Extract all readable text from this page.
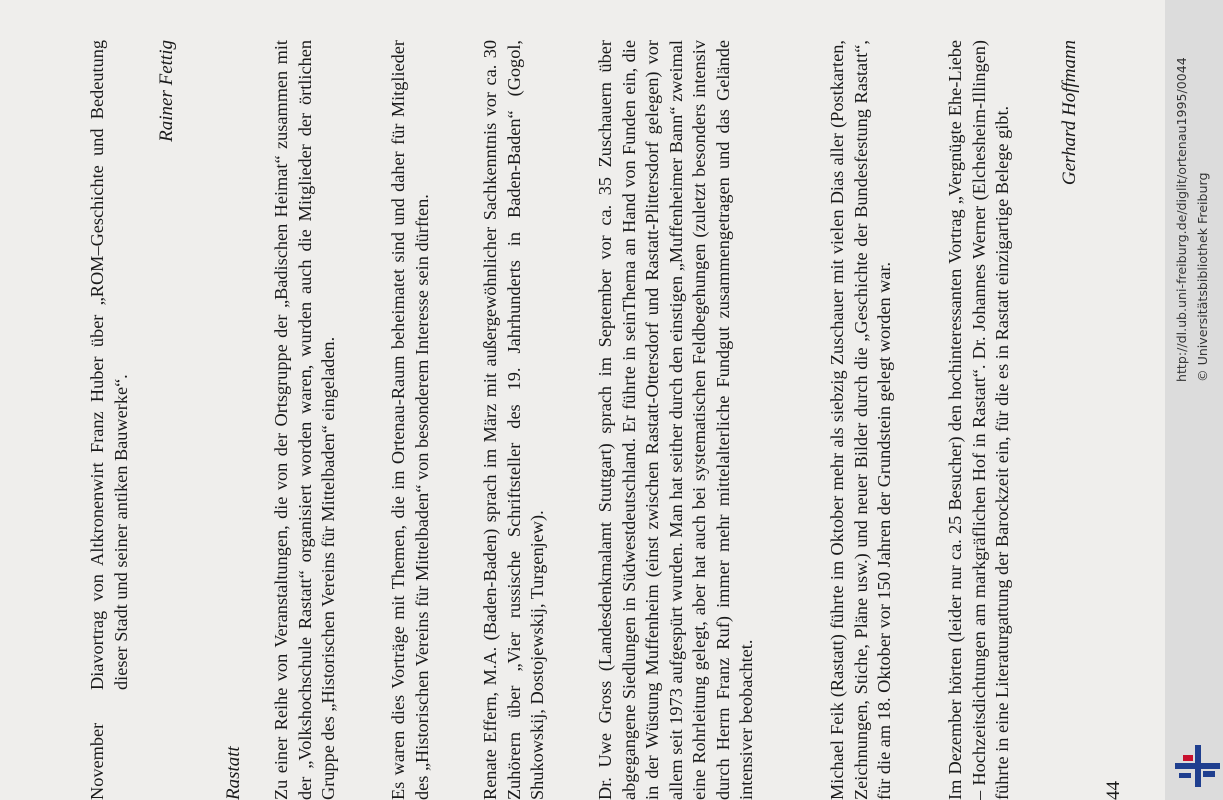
November
Diavortrag von Altkronenwirt Franz Huber über „ROM–Geschichte und Bedeutung dieser Stadt und seiner antiken Bauwerke“.
Rainer Fettig
Rastatt Zu einer Reihe von Veranstaltungen, die von der Ortsgruppe der „Badischen Heimat“ zusammen mit der „Volkshochschule Rastatt“ organisiert worden waren, wurden auch die Mitglieder der örtlichen Gruppe des „Historischen Vereins für Mittelbaden“ eingeladen.	Es waren dies Vorträge mit Themen, die im Ortenau-Raum beheimatet sind und daher für Mitglieder des „Historischen Vereins für Mittelbaden“ von besonderem Interesse sein dürften.	Renate Effern, M.A. (Baden-Baden) sprach im März mit außergewöhnlicher Sachkenntnis vor ca. 30 Zuhörern über „Vier russische Schriftsteller des 19. Jahrhunderts in Baden-Baden“ (Gogol, Shukowskij, Dostojewskij, Turgenjew).	Dr. Uwe Gross (Landesdenkmalamt Stuttgart) sprach im September vor ca. 35 Zuschauern über abgegangene Siedlungen in Südwestdeutschland. Er führte in seinThema an Hand von Funden ein, die in der Wüstung Muffenheim (einst zwischen Rastatt-Ottersdorf und Rastatt-Plittersdorf gelegen) vor allem seit 1973 aufgespürt wurden. Man hat seither durch den einstigen „Muffenheimer Bann“ zweimal eine Rohrleitung gelegt, aber hat auch bei systematischen Feldbegehungen (zuletzt besonders intensiv durch Herrn Franz Ruf) immer mehr mittelalterliche Fundgut zusammengetragen und das Gelände intensiver beobachtet.	Michael Feik (Rastatt) führte im Oktober mehr als siebzig Zuschauer mit vielen Dias aller (Postkarten, Zeichnungen, Stiche, Pläne usw.) und neuer Bilder durch die „Geschichte der Bundesfestung Rastatt“, für die am 18. Oktober vor 150 Jahren der Grundstein gelegt worden war.	Im Dezember hörten (leider nur ca. 25 Besucher) den hochinteressanten Vortrag „Vergnügte Ehe-Liebe – Hochzeitsdichtungen am markgräflichen Hof in Rastatt“. Dr. Johannes Werner (Elchesheim-Illingen) führte in eine Literaturgattung der Barockzeit ein, für die es in Rastatt einzigartige Belege gibt. Gerhard Hoffmann
44
http://dl.ub.uni-freiburg.de/diglit/ortenau1995/0044 © Universitätsbibliothek Freiburg
